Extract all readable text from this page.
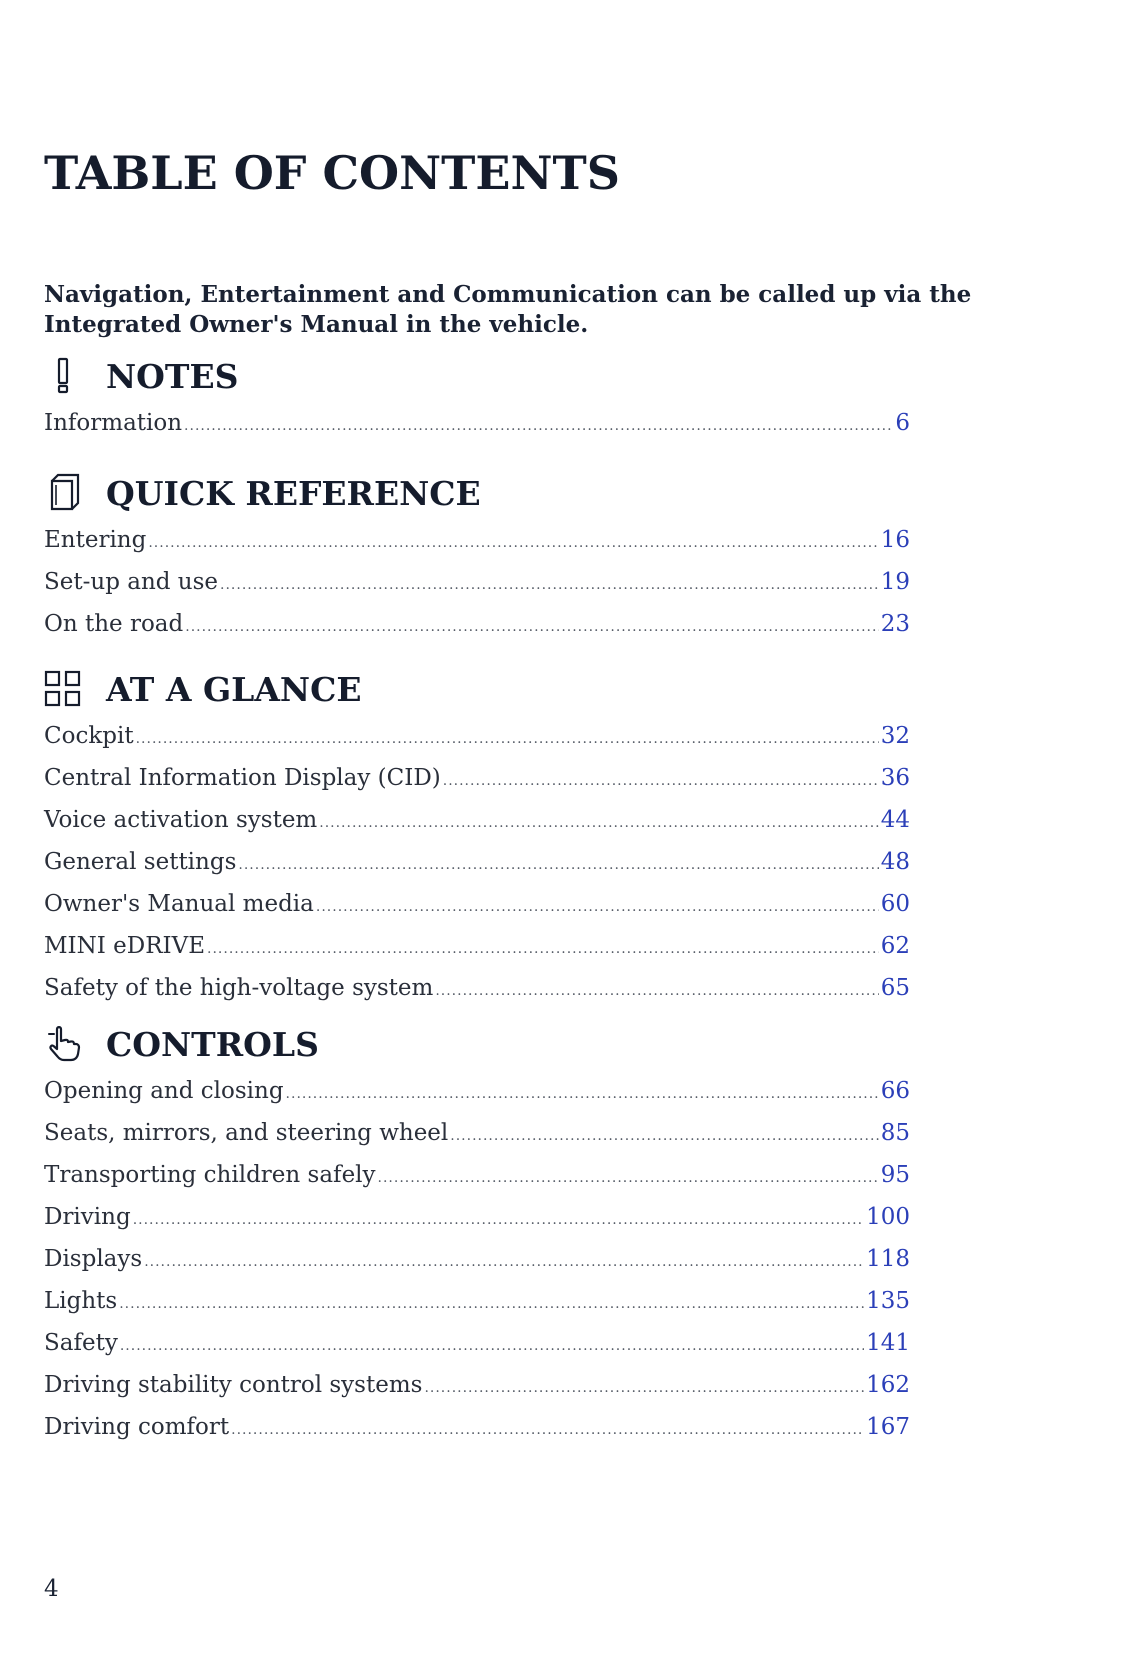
TABLE OF CONTENTS

Navigation, Entertainment and Communication can be called up via the
Integrated Owner's Manual in the vehicle.

NOTES
Information .....	6
QUICK REFERENCE
Entering .....	16
Set-up and use .....	19
On the road .....	23
AT A GLANCE
Cockpit .....	32
Central Information Display (CID) .....	36
Voice activation system .....	44
General settings .....	48
Owner's Manual media .....	60
MINI eDRIVE .....	62
Safety of the high-voltage system .....	65
CONTROLS
Opening and closing .....	66
Seats, mirrors, and steering wheel .....	85
Transporting children safely .....	95
Driving .....	100
Displays .....	118
Lights .....	135
Safety .....	141
Driving stability control systems .....	162
Driving comfort .....	167

4
